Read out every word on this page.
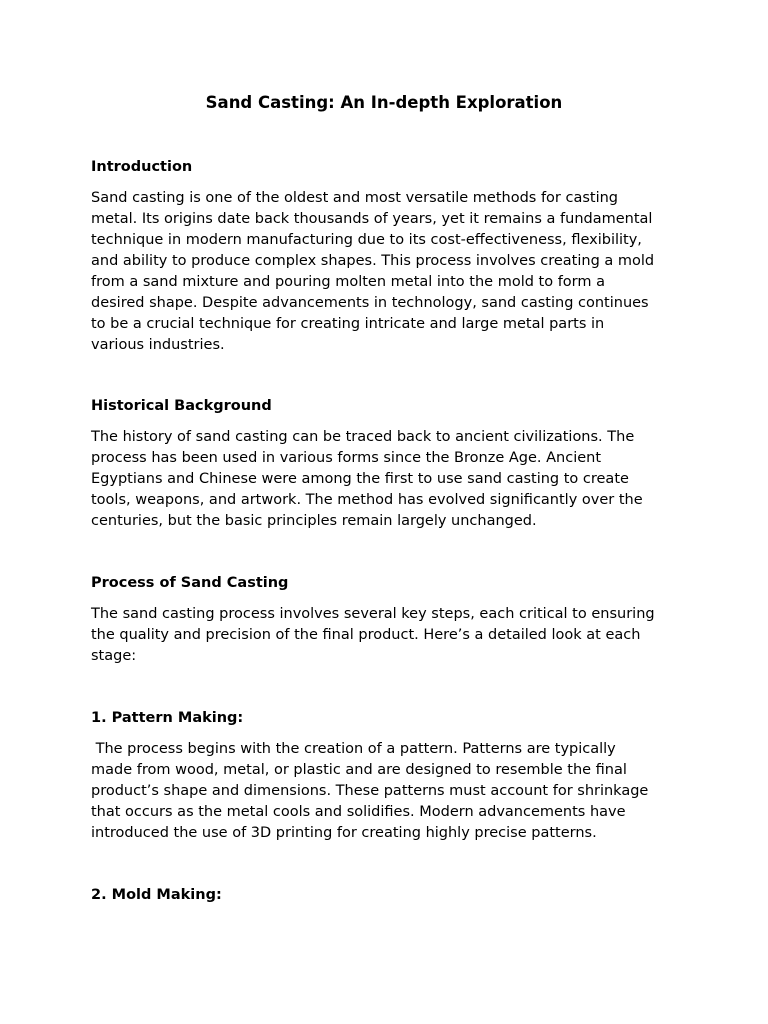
Sand Casting: An In-depth Exploration
Introduction

Sand casting is one of the oldest and most versatile methods for casting
metal. Its origins date back thousands of years, yet it remains a fundamental
technique in modern manufacturing due to its cost-effectiveness, flexibility,
and ability to produce complex shapes. This process involves creating a mold
from a sand mixture and pouring molten metal into the mold to form a
desired shape. Despite advancements in technology, sand casting continues
to be a crucial technique for creating intricate and large metal parts in
various industries.

Historical Background

The history of sand casting can be traced back to ancient civilizations. The
process has been used in various forms since the Bronze Age. Ancient
Egyptians and Chinese were among the first to use sand casting to create
tools, weapons, and artwork. The method has evolved significantly over the
centuries, but the basic principles remain largely unchanged.

Process of Sand Casting

The sand casting process involves several key steps, each critical to ensuring
the quality and precision of the final product. Here’s a detailed look at each
stage:

1. Pattern Making:

The process begins with the creation of a pattern. Patterns are typically
made from wood, metal, or plastic and are designed to resemble the final
product’s shape and dimensions. These patterns must account for shrinkage
that occurs as the metal cools and solidifies. Modern advancements have
introduced the use of 3D printing for creating highly precise patterns.

2. Mold Making:
